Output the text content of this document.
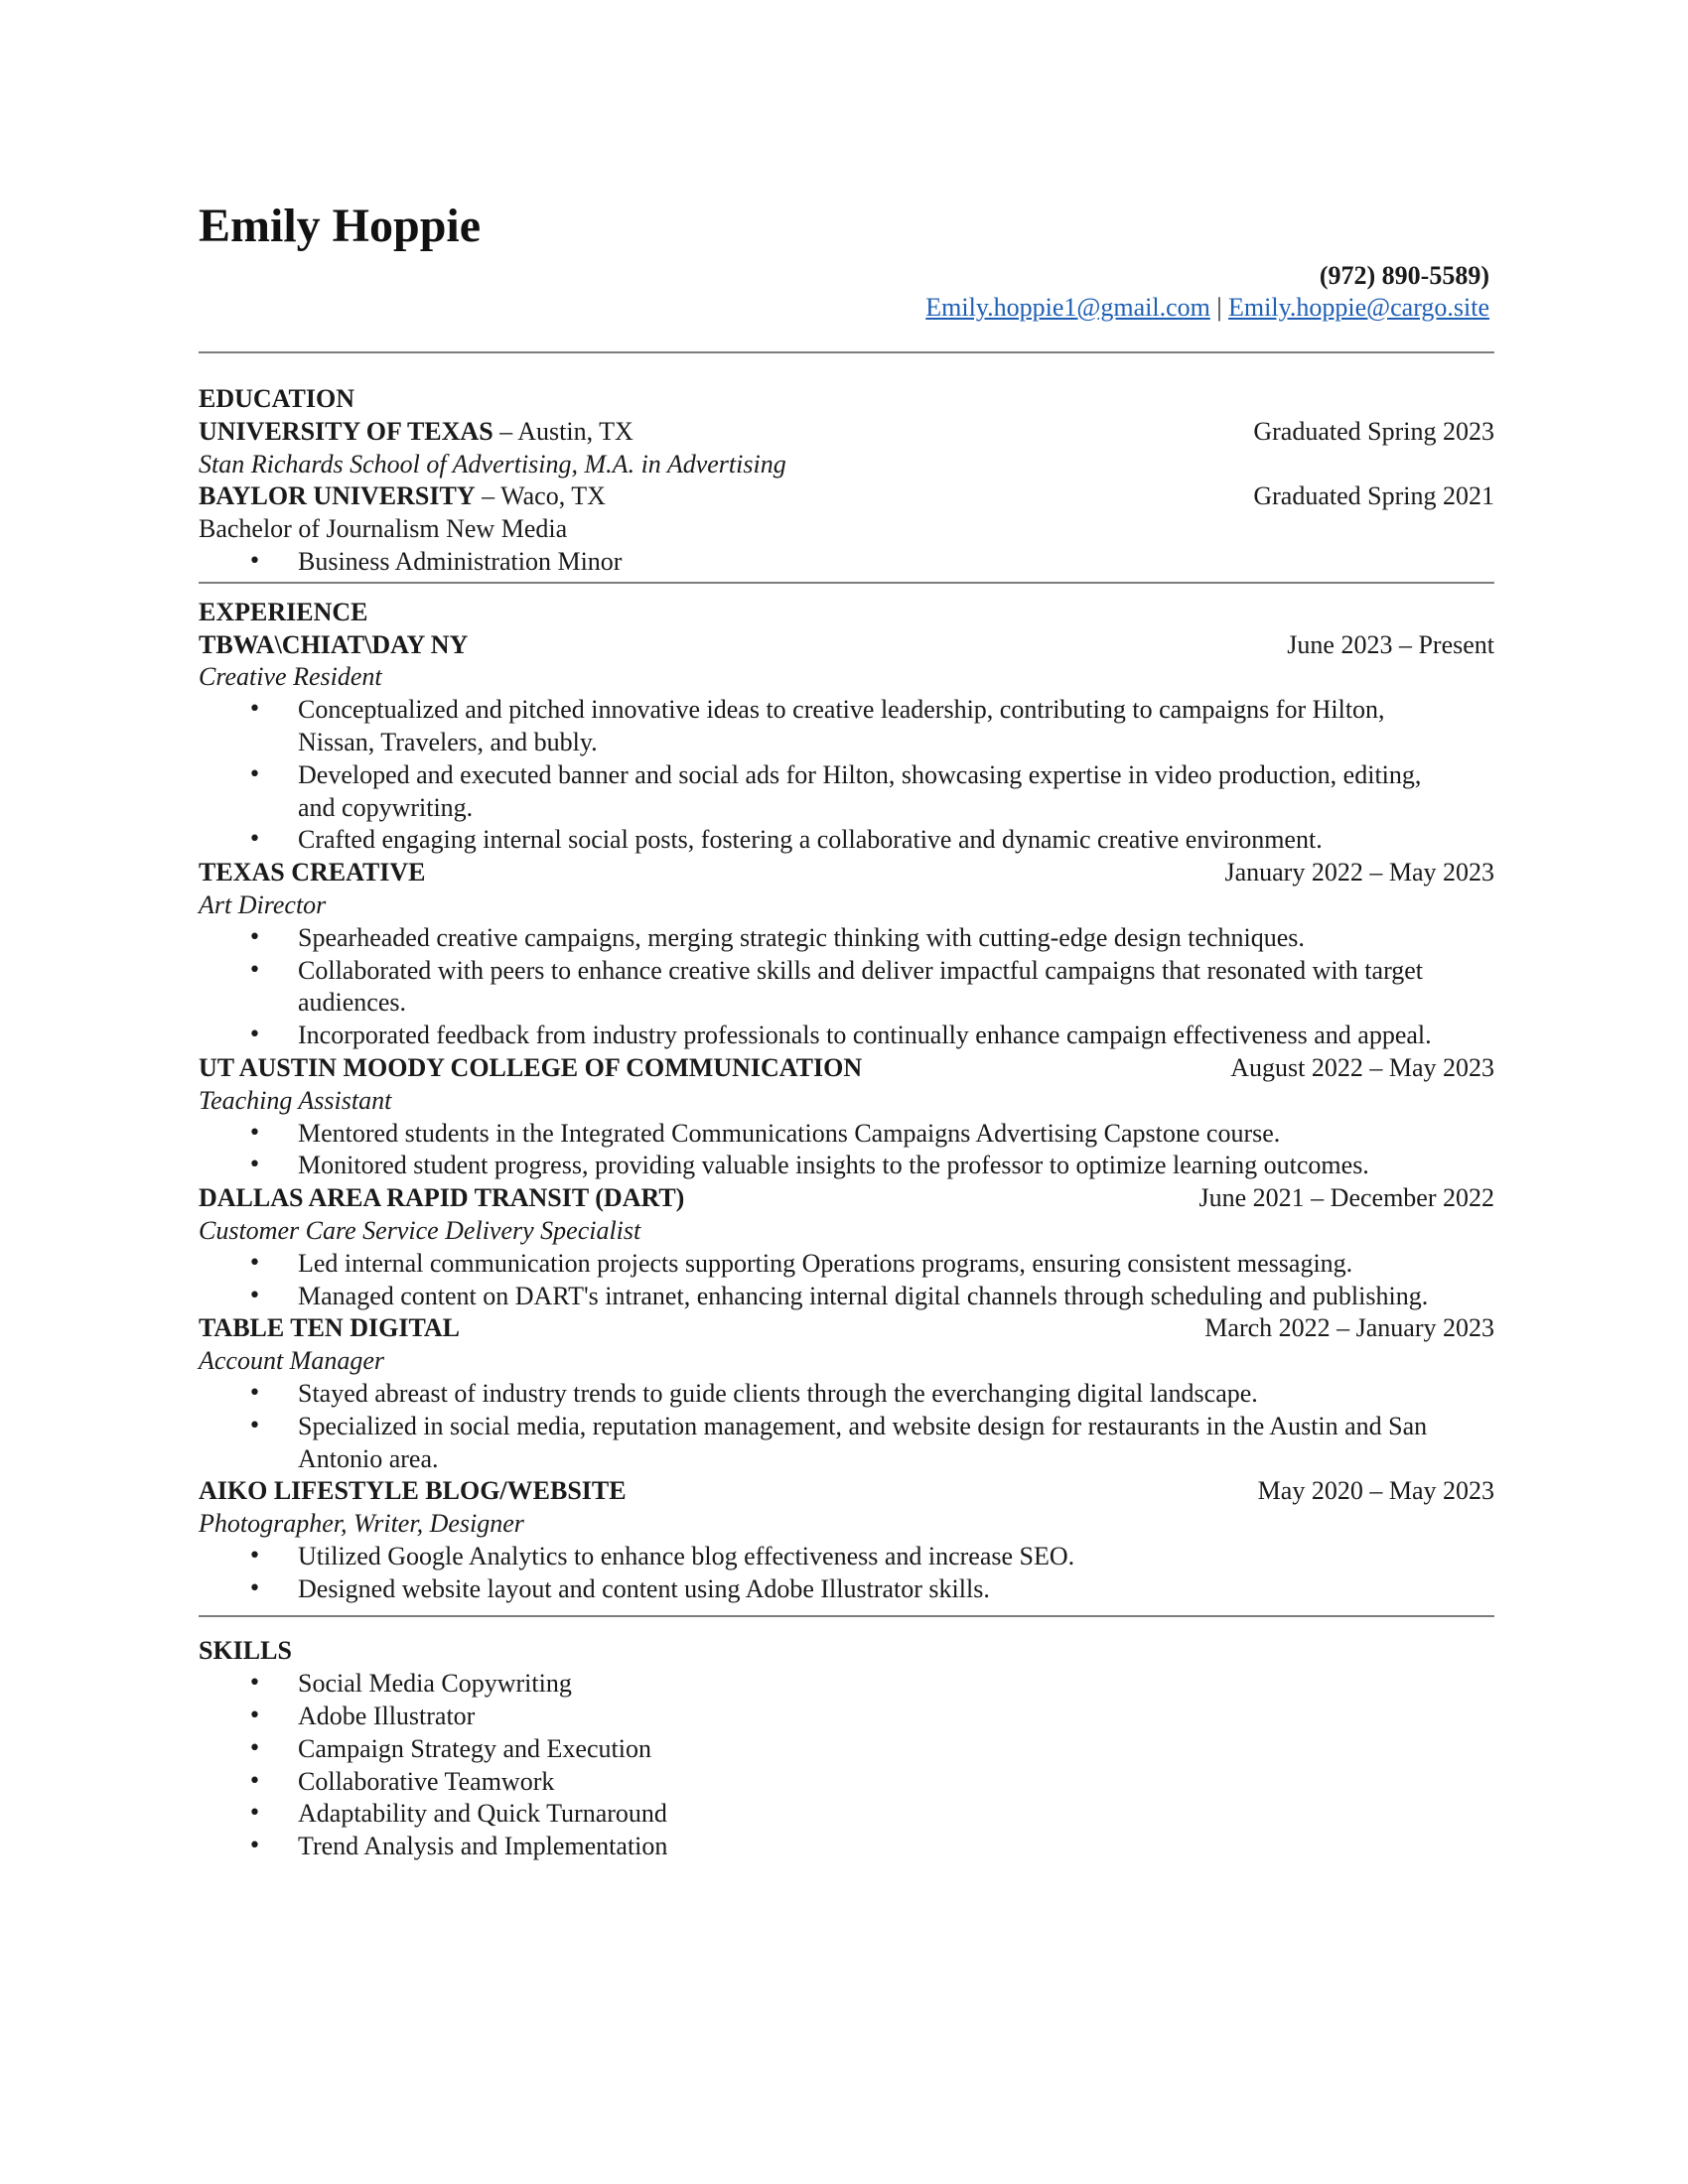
Emily Hoppie
(972) 890-5589)
Emily.hoppie1@gmail.com | Emily.hoppie@cargo.site
EDUCATION
UNIVERSITY OF TEXAS – Austin, TX	Graduated Spring 2023
Stan Richards School of Advertising, M.A. in Advertising
BAYLOR UNIVERSITY – Waco, TX	Graduated Spring 2021
Bachelor of Journalism New Media
• Business Administration Minor
EXPERIENCE
TBWA\CHIAT\DAY NY	June 2023 – Present
Creative Resident
• Conceptualized and pitched innovative ideas to creative leadership, contributing to campaigns for Hilton, Nissan, Travelers, and bubly.
• Developed and executed banner and social ads for Hilton, showcasing expertise in video production, editing, and copywriting.
• Crafted engaging internal social posts, fostering a collaborative and dynamic creative environment.
TEXAS CREATIVE	January 2022 – May 2023
Art Director
• Spearheaded creative campaigns, merging strategic thinking with cutting-edge design techniques.
• Collaborated with peers to enhance creative skills and deliver impactful campaigns that resonated with target audiences.
• Incorporated feedback from industry professionals to continually enhance campaign effectiveness and appeal.
UT AUSTIN MOODY COLLEGE OF COMMUNICATION	August 2022 – May 2023
Teaching Assistant
• Mentored students in the Integrated Communications Campaigns Advertising Capstone course.
• Monitored student progress, providing valuable insights to the professor to optimize learning outcomes.
DALLAS AREA RAPID TRANSIT (DART)	June 2021 – December 2022
Customer Care Service Delivery Specialist
• Led internal communication projects supporting Operations programs, ensuring consistent messaging.
• Managed content on DART's intranet, enhancing internal digital channels through scheduling and publishing.
TABLE TEN DIGITAL	March 2022 – January 2023
Account Manager
• Stayed abreast of industry trends to guide clients through the everchanging digital landscape.
• Specialized in social media, reputation management, and website design for restaurants in the Austin and San Antonio area.
AIKO LIFESTYLE BLOG/WEBSITE	May 2020 – May 2023
Photographer, Writer, Designer
• Utilized Google Analytics to enhance blog effectiveness and increase SEO.
• Designed website layout and content using Adobe Illustrator skills.
SKILLS
• Social Media Copywriting
• Adobe Illustrator
• Campaign Strategy and Execution
• Collaborative Teamwork
• Adaptability and Quick Turnaround
• Trend Analysis and Implementation
